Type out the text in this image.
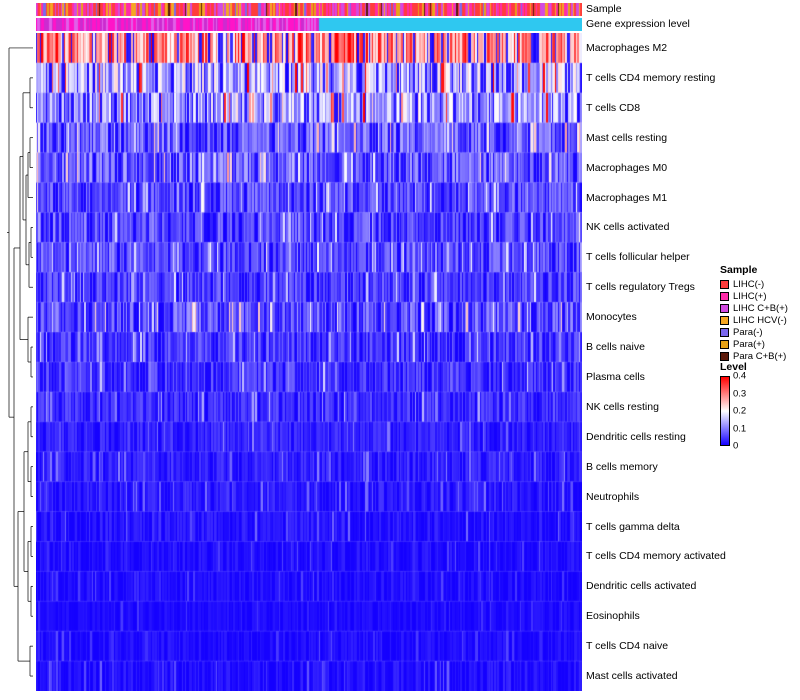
Sample
Gene expression level
Macrophages M2
T cells CD4 memory resting
T cells CD8
Mast cells resting
Macrophages M0
Macrophages M1
NK cells activated
T cells follicular helper
T cells regulatory Tregs
Monocytes
B cells naive
Plasma cells
NK cells resting
Dendritic cells resting
B cells memory
Neutrophils
T cells gamma delta
T cells CD4 memory activated
Dendritic cells activated
Eosinophils
T cells CD4 naive
Mast cells activated
Sample
LIHC(-)
LIHC(+)
LIHC C+B(+)
LIHC HCV(-)
Para(-)
Para(+)
Para C+B(+)
Level
0.4
0.3
0.2
0.1
0
